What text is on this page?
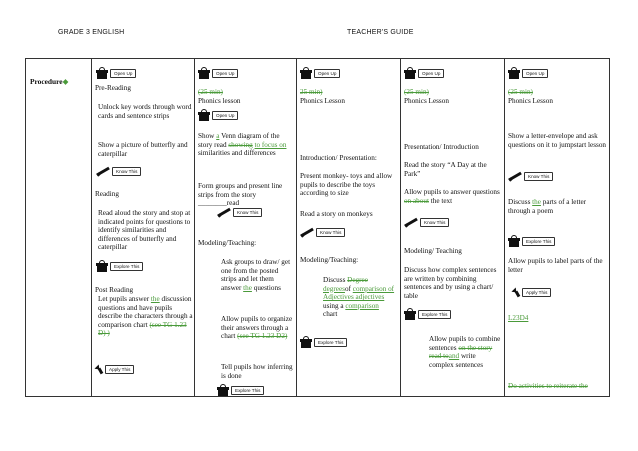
GRADE 3 ENGLISH	TEACHER'S GUIDE
Procedure◆
Open Up
Pre-Reading
Unlock key words through word cards and sentence strips
Show a picture of butterfly and caterpillar
Know This
Reading
Read aloud the story and stop at indicated points for questions to identify similarities and differences of butterfly and caterpillar
Explore This
Post Reading
Let pupils answer the discussion questions and have pupils describe the characters through a comparison chart (see TG 1.23 D) )
Apply This
Open Up
(25 min)
Phonics lesson
Open Up
Show a Venn diagram of the story read showing to focus on similarities and differences
Form groups and present line strips from the story ________read
Know This
Modeling/Teaching:
Ask groups to draw/ get one from the posted strips and let them answer the questions
Allow pupils to organize their answers through a chart (see TG 1.23 D2)
Tell pupils how inferring is done
Explore This
Open Up
25 min)
Phonics Lesson
Introduction/ Presentation:
Present monkey- toys and allow pupils to describe the toys according to size
Read a story on monkeys
Know This
Modeling/Teaching:
Discuss Degree degreesof comparison of Adjectives adjectives using a comparison chart
Explore This
Open Up
(25 min)
Phonics Lesson
Presentation/ Introduction
Read the story “A Day at the Park”
Allow pupils to answer questions on about the text
Know This
Modeling/ Teaching
Discuss how complex sentences are written by combining sentences and by using a chart/ table
Explore This
Allow pupils to combine sentences on the story read toand write complex sentences
Open Up
(25 min)
Phonics Lesson
Show a letter-envelope and ask questions on it to jumpstart lesson
Know This
Discuss the parts of a letter through a poem
Explore This
Allow pupils to label parts of the letter
Apply This
L23D4
Do activities to reiterate the
